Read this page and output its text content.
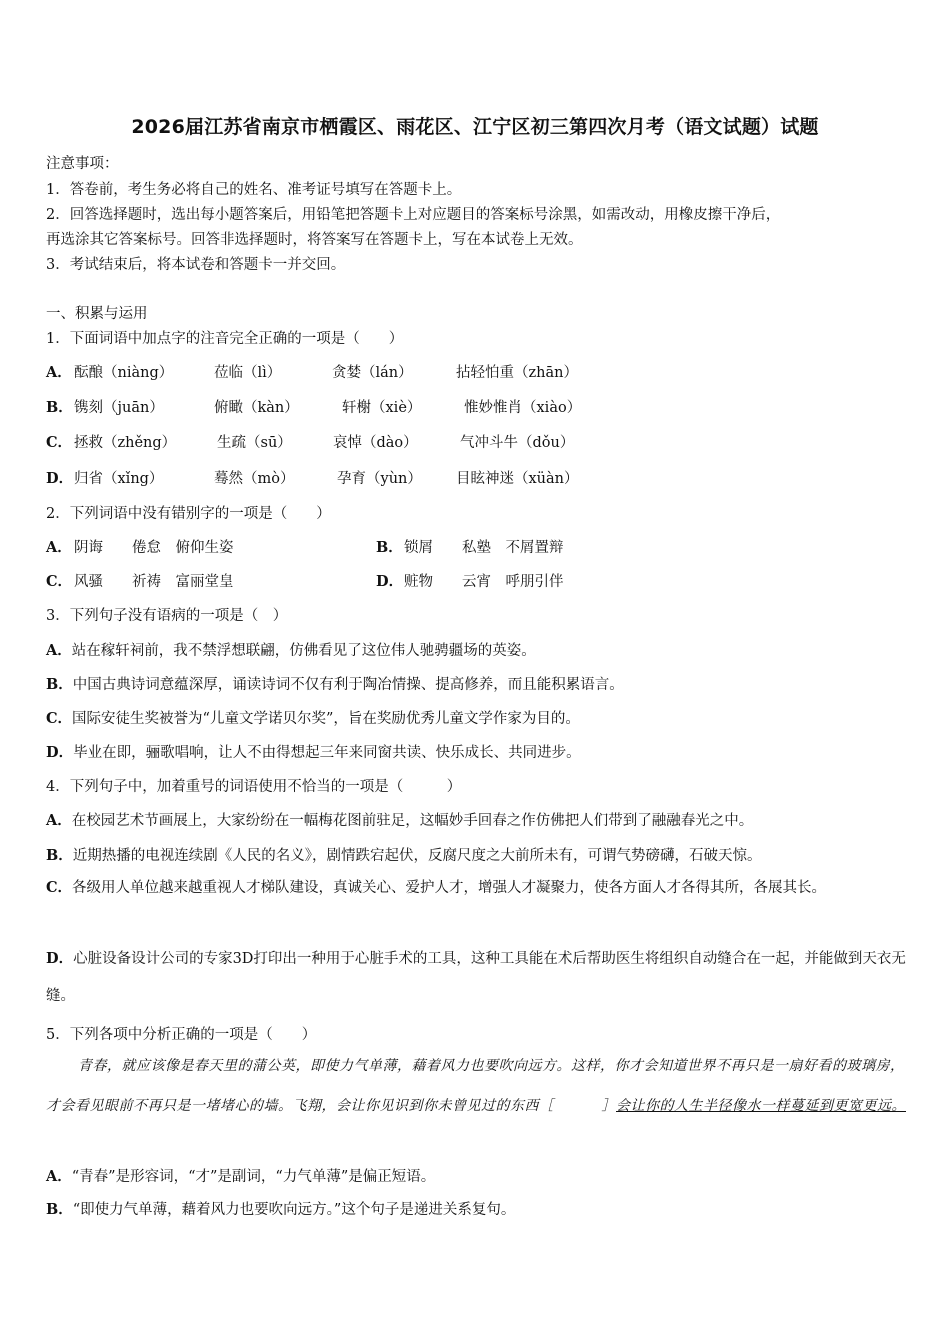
2026届江苏省南京市栖霞区、雨花区、江宁区初三第四次月考（语文试题）试题
注意事项：
1．答卷前，考生务必将自己的姓名、准考证号填写在答题卡上。
2．回答选择题时，选出每小题答案后，用铅笔把答题卡上对应题目的答案标号涂黑，如需改动，用橡皮擦干净后，
再选涂其它答案标号。回答非选择题时，将答案写在答题卡上，写在本试卷上无效。
3．考试结束后，将本试卷和答题卡一并交回。
一、积累与运用
1．下面词语中加点字的注音完全正确的一项是（　　）
A． 酝酿（niàng）	莅临（lì）	贪婪（lán）	拈轻怕重（zhān）
B． 镌刻（juān）	俯瞰（kàn）	轩榭（xiè）	惟妙惟肖（xiào）
C． 拯救（zhěng）	生疏（sū）	哀悼（dào）	气冲斗牛（dǒu）
D． 归省（xǐng）	蓦然（mò）	孕育（yùn） 目眩神迷（xüàn）
2．下列词语中没有错别字的一项是（　　）
A． 阴诲　　倦怠　俯仰生姿	B． 锁屑　　私塾　不屑置辩
C． 风骚　　祈祷　富丽堂皇	D． 赃物　　云宵　呼朋引伴
3．下列句子没有语病的一项是（　）
A．站在稼轩祠前，我不禁浮想联翩，仿佛看见了这位伟人驰骋疆场的英姿。
B．中国古典诗词意蕴深厚，诵读诗词不仅有利于陶冶情操、提高修养，而且能积累语言。
C．国际安徒生奖被誉为“儿童文学诺贝尔奖”，旨在奖励优秀儿童文学作家为目的。
D．毕业在即，骊歌唱响，让人不由得想起三年来同窗共读、快乐成长、共同进步。
4．下列句子中，加着重号的词语使用不恰当的一项是（　　　）
A．在校园艺术节画展上，大家纷纷在一幅梅花图前驻足，这幅妙手回春之作仿佛把人们带到了融融春光之中。
B．近期热播的电视连续剧《人民的名义》，剧情跌宕起伏，反腐尺度之大前所未有，可谓气势磅礴，石破天惊。
C．各级用人单位越来越重视人才梯队建设，真诚关心、爱护人才，增强人才凝聚力，使各方面人才各得其所，各展其长。
D．心脏设备设计公司的专家3D打印出一种用于心脏手术的工具，这种工具能在术后帮助医生将组织自动缝合在一起，并能做到天衣无缝。
5．下列各项中分析正确的一项是（　　）
青春，就应该像是春天里的蒲公英，即使力气单薄，藉着风力也要吹向远方。这样，你才会知道世界不再只是一扇好看的玻璃房，才会看见眼前不再只是一堵堵心的墙。飞翔，会让你见识到你未曾见过的东西［	］会让你的人生半径像水一样蔓延到更宽更远。
A．“青春”是形容词，“才”是副词，“力气单薄”是偏正短语。
B．“即使力气单薄，藉着风力也要吹向远方。”这个句子是递进关系复句。
